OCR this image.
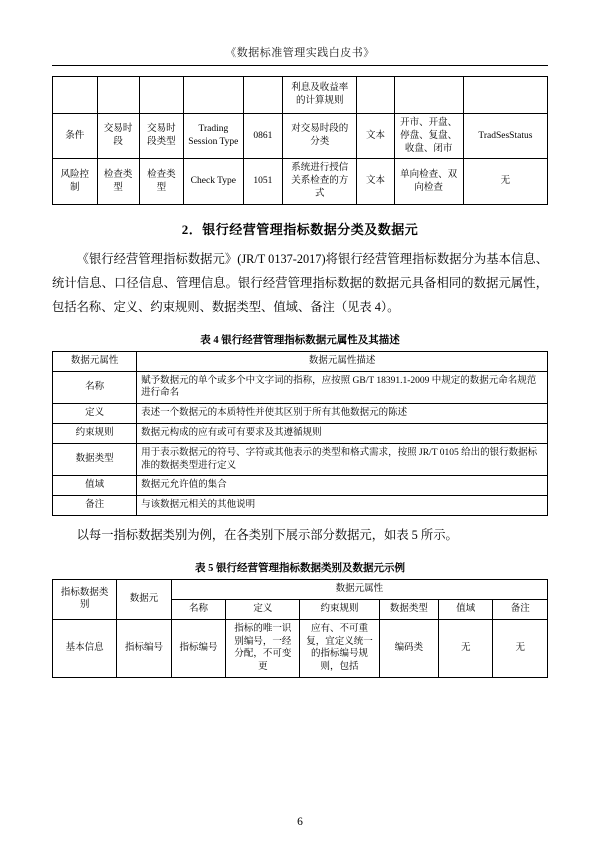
《数据标准管理实践白皮书》
					利息及收益率的计算规则			
条件	交易时段	交易时段类型	Trading Session Type	0861	对交易时段的分类	文本	开市、开盘、停盘、复盘、收盘、闭市	TradSesStatus
风险控制	检查类型	检查类型	Check Type	1051	系统进行授信关系检查的方式	文本	单向检查、双向检查	无
2．银行经营管理指标数据分类及数据元

《银行经营管理指标数据元》(JR/T 0137-2017)将银行经营管理指标数据分为基本信息、统计信息、口径信息、管理信息。银行经营管理指标数据的数据元具备相同的数据元属性，包括名称、定义、约束规则、数据类型、值域、备注（见表 4）。

表 4 银行经营管理指标数据元属性及其描述
数据元属性	数据元属性描述
名称	赋予数据元的单个或多个中文字词的指称，应按照 GB/T 18391.1-2009 中规定的数据元命名规范进行命名
定义	表述一个数据元的本质特性并使其区别于所有其他数据元的陈述
约束规则	数据元构成的应有或可有要求及其遵循规则
数据类型	用于表示数据元的符号、字符或其他表示的类型和格式需求，按照 JR/T 0105 给出的银行数据标准的数据类型进行定义
值域	数据元允许值的集合
备注	与该数据元相关的其他说明

以每一指标数据类别为例，在各类别下展示部分数据元，如表 5 所示。

表 5 银行经营管理指标数据类别及数据元示例
指标数据类别	数据元	数据元属性					
		名称	定义	约束规则	数据类型	值域	备注
基本信息	指标编号	指标编号	指标的唯一识别编号，一经分配，不可变更	应有、不可重复，宜定义统一的指标编号规则，包括	编码类	无	无
6
